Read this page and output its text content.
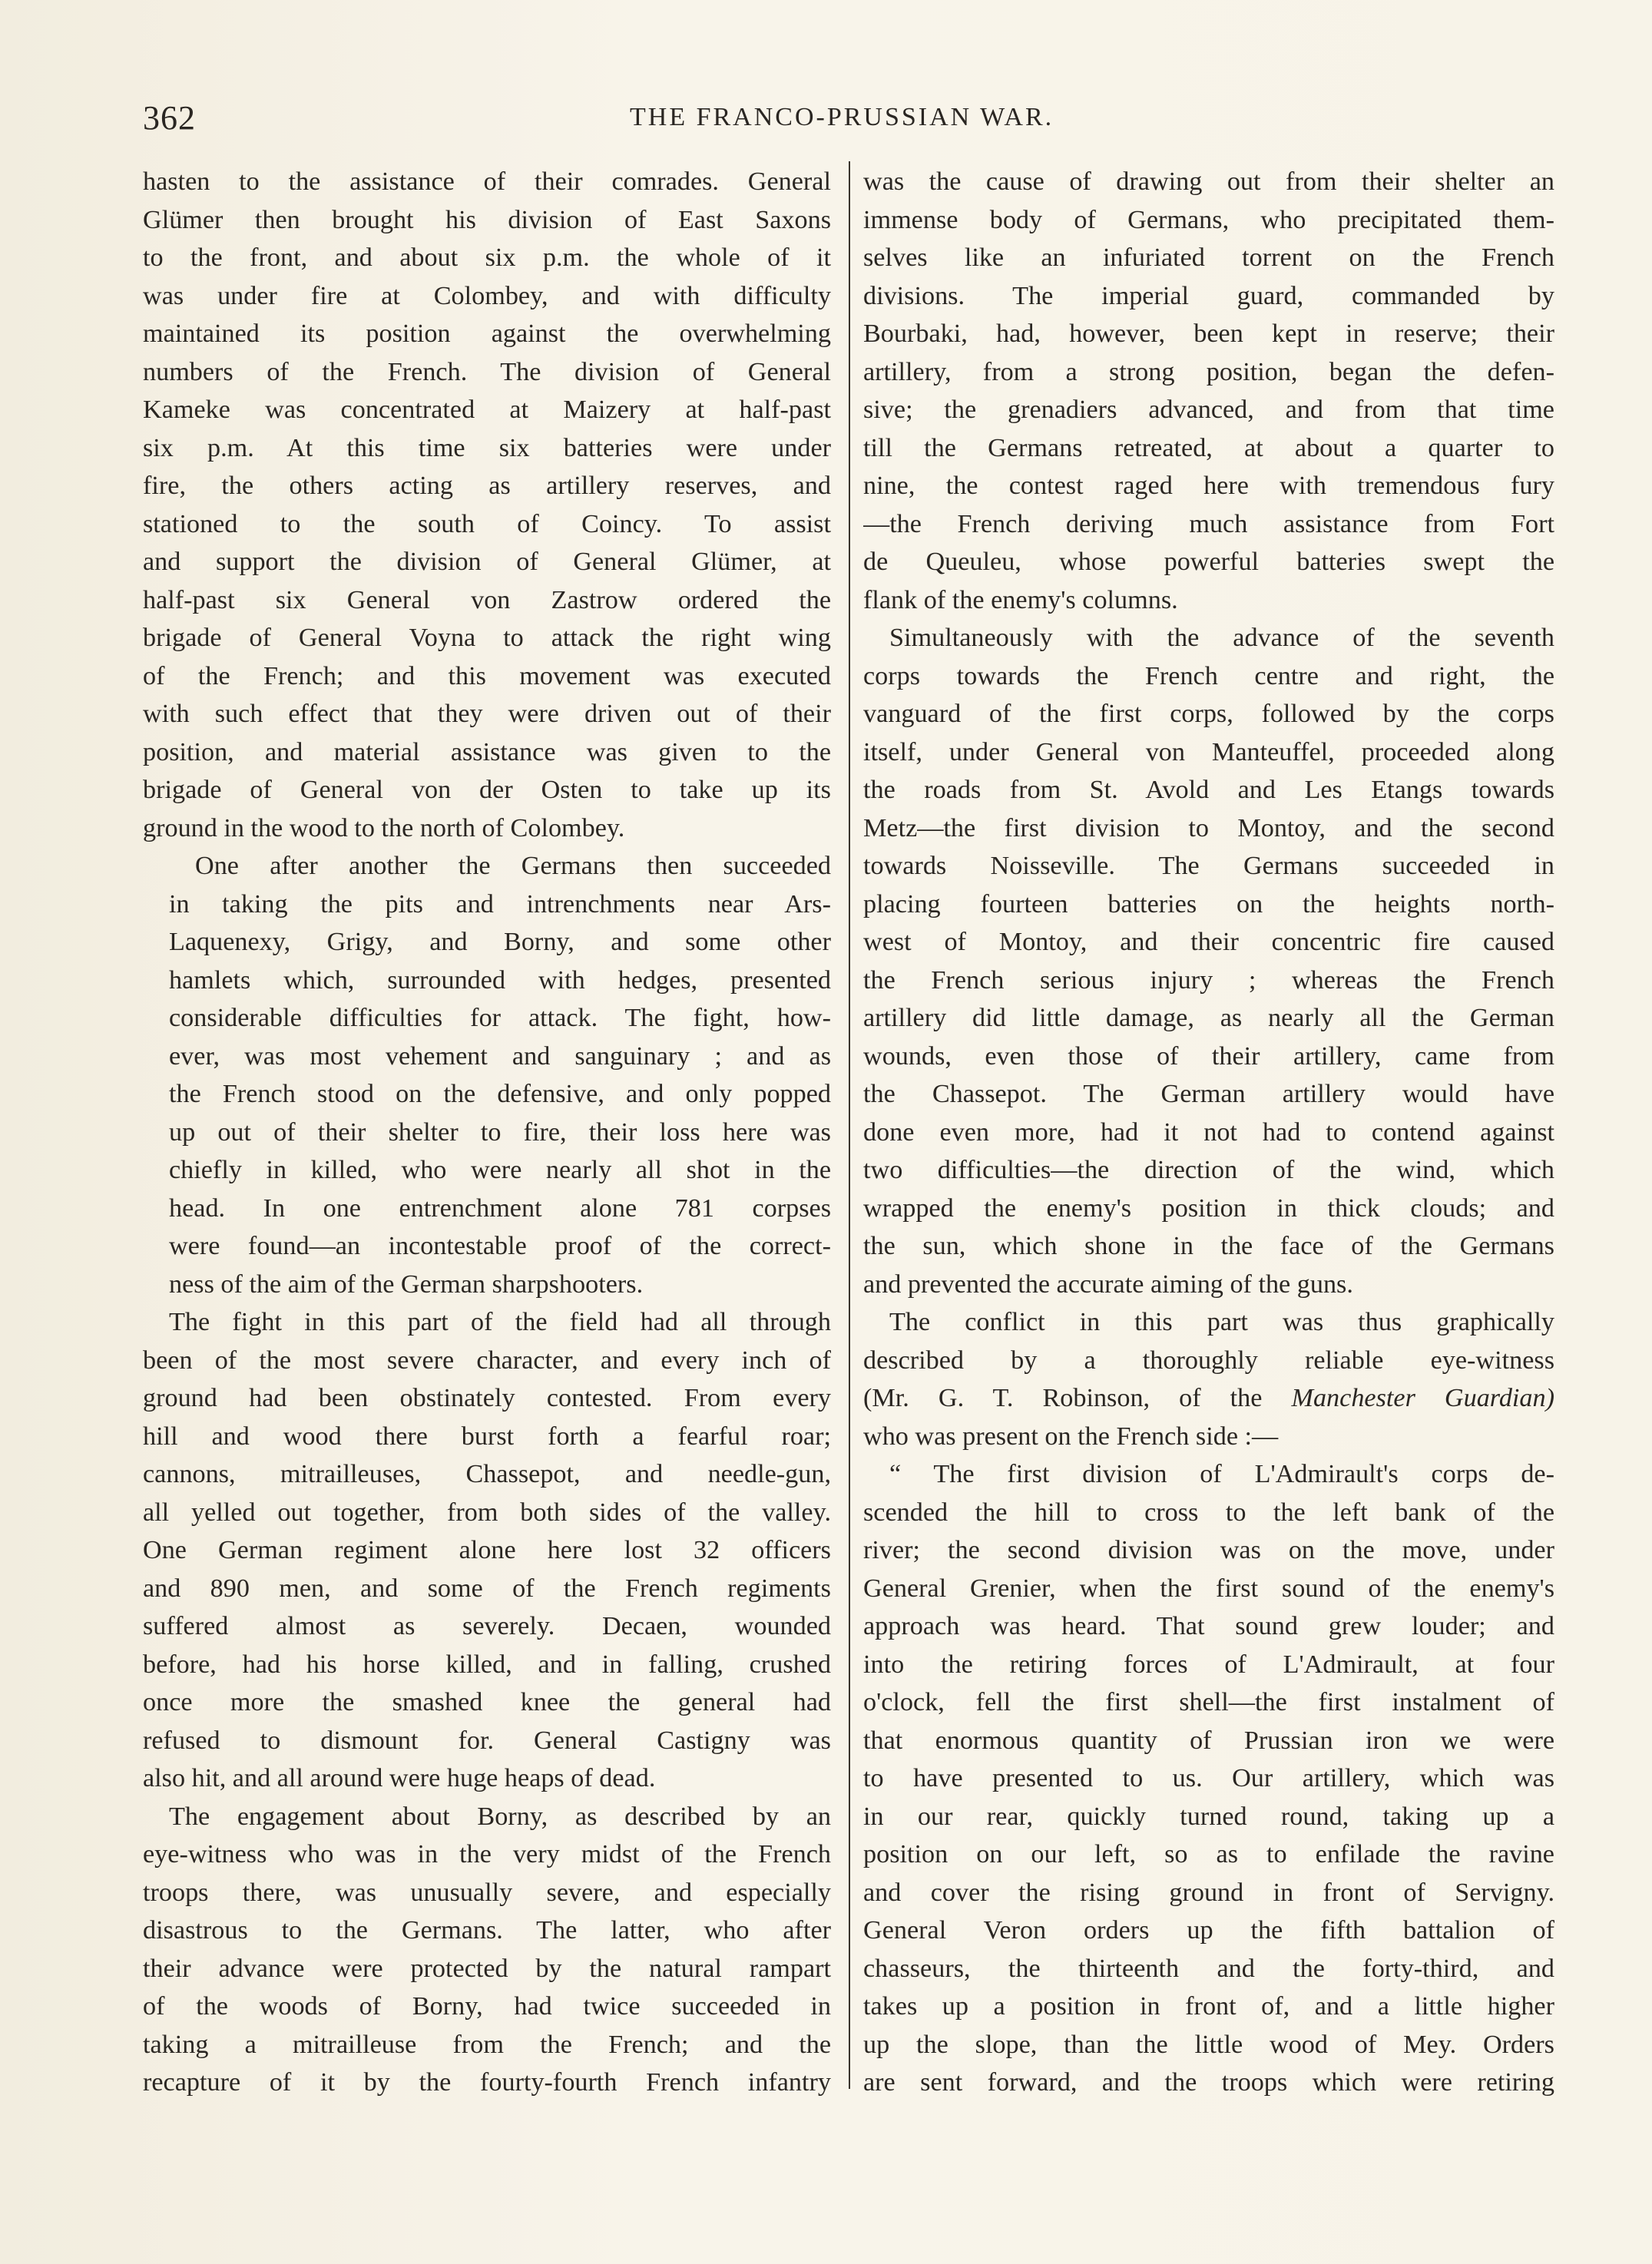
362	THE FRANCO-PRUSSIAN WAR.

hasten to the assistance of their comrades. General
Glümer then brought his division of East Saxons
to the front, and about six p.m. the whole of it
was under fire at Colombey, and with difficulty
maintained its position against the overwhelming
numbers of the French. The division of General
Kameke was concentrated at Maizery at half-past
six p.m. At this time six batteries were under
fire, the others acting as artillery reserves, and
stationed to the south of Coincy. To assist
and support the division of General Glümer, at
half-past six General von Zastrow ordered the
brigade of General Voyna to attack the right wing
of the French; and this movement was executed
with such effect that they were driven out of their
position, and material assistance was given to the
brigade of General von der Osten to take up its
ground in the wood to the north of Colombey.

One after another the Germans then succeeded
in taking the pits and intrenchments near Ars-
Laquenexy, Grigy, and Borny, and some other
hamlets which, surrounded with hedges, presented
considerable difficulties for attack. The fight, how-
ever, was most vehement and sanguinary ; and as
the French stood on the defensive, and only popped
up out of their shelter to fire, their loss here was
chiefly in killed, who were nearly all shot in the
head. In one entrenchment alone 781 corpses
were found—an incontestable proof of the correct-
ness of the aim of the German sharpshooters.

The fight in this part of the field had all through
been of the most severe character, and every inch of
ground had been obstinately contested. From every
hill and wood there burst forth a fearful roar;
cannons, mitrailleuses, Chassepot, and needle-gun,
all yelled out together, from both sides of the valley.
One German regiment alone here lost 32 officers
and 890 men, and some of the French regiments
suffered almost as severely. Decaen, wounded
before, had his horse killed, and in falling, crushed
once more the smashed knee the general had
refused to dismount for. General Castigny was
also hit, and all around were huge heaps of dead.

The engagement about Borny, as described by an
eye-witness who was in the very midst of the French
troops there, was unusually severe, and especially
disastrous to the Germans. The latter, who after
their advance were protected by the natural rampart
of the woods of Borny, had twice succeeded in
taking a mitrailleuse from the French; and the
recapture of it by the fourty-fourth French infantry

was the cause of drawing out from their shelter an
immense body of Germans, who precipitated them-
selves like an infuriated torrent on the French
divisions. The imperial guard, commanded by
Bourbaki, had, however, been kept in reserve; their
artillery, from a strong position, began the defen-
sive; the grenadiers advanced, and from that time
till the Germans retreated, at about a quarter to
nine, the contest raged here with tremendous fury
—the French deriving much assistance from Fort
de Queuleu, whose powerful batteries swept the
flank of the enemy's columns.

Simultaneously with the advance of the seventh
corps towards the French centre and right, the
vanguard of the first corps, followed by the corps
itself, under General von Manteuffel, proceeded along
the roads from St. Avold and Les Etangs towards
Metz—the first division to Montoy, and the second
towards Noisseville. The Germans succeeded in
placing fourteen batteries on the heights north-
west of Montoy, and their concentric fire caused
the French serious injury ; whereas the French
artillery did little damage, as nearly all the German
wounds, even those of their artillery, came from
the Chassepot. The German artillery would have
done even more, had it not had to contend against
two difficulties—the direction of the wind, which
wrapped the enemy's position in thick clouds; and
the sun, which shone in the face of the Germans
and prevented the accurate aiming of the guns.

The conflict in this part was thus graphically
described by a thoroughly reliable eye-witness
(Mr. G. T. Robinson, of the Manchester Guardian)
who was present on the French side :—

“ The first division of L'Admirault's corps de-
scended the hill to cross to the left bank of the
river; the second division was on the move, under
General Grenier, when the first sound of the enemy's
approach was heard. That sound grew louder; and
into the retiring forces of L'Admirault, at four
o'clock, fell the first shell—the first instalment of
that enormous quantity of Prussian iron we were
to have presented to us. Our artillery, which was
in our rear, quickly turned round, taking up a
position on our left, so as to enfilade the ravine
and cover the rising ground in front of Servigny.
General Veron orders up the fifth battalion of
chasseurs, the thirteenth and the forty-third, and
takes up a position in front of, and a little higher
up the slope, than the little wood of Mey. Orders
are sent forward, and the troops which were retiring
